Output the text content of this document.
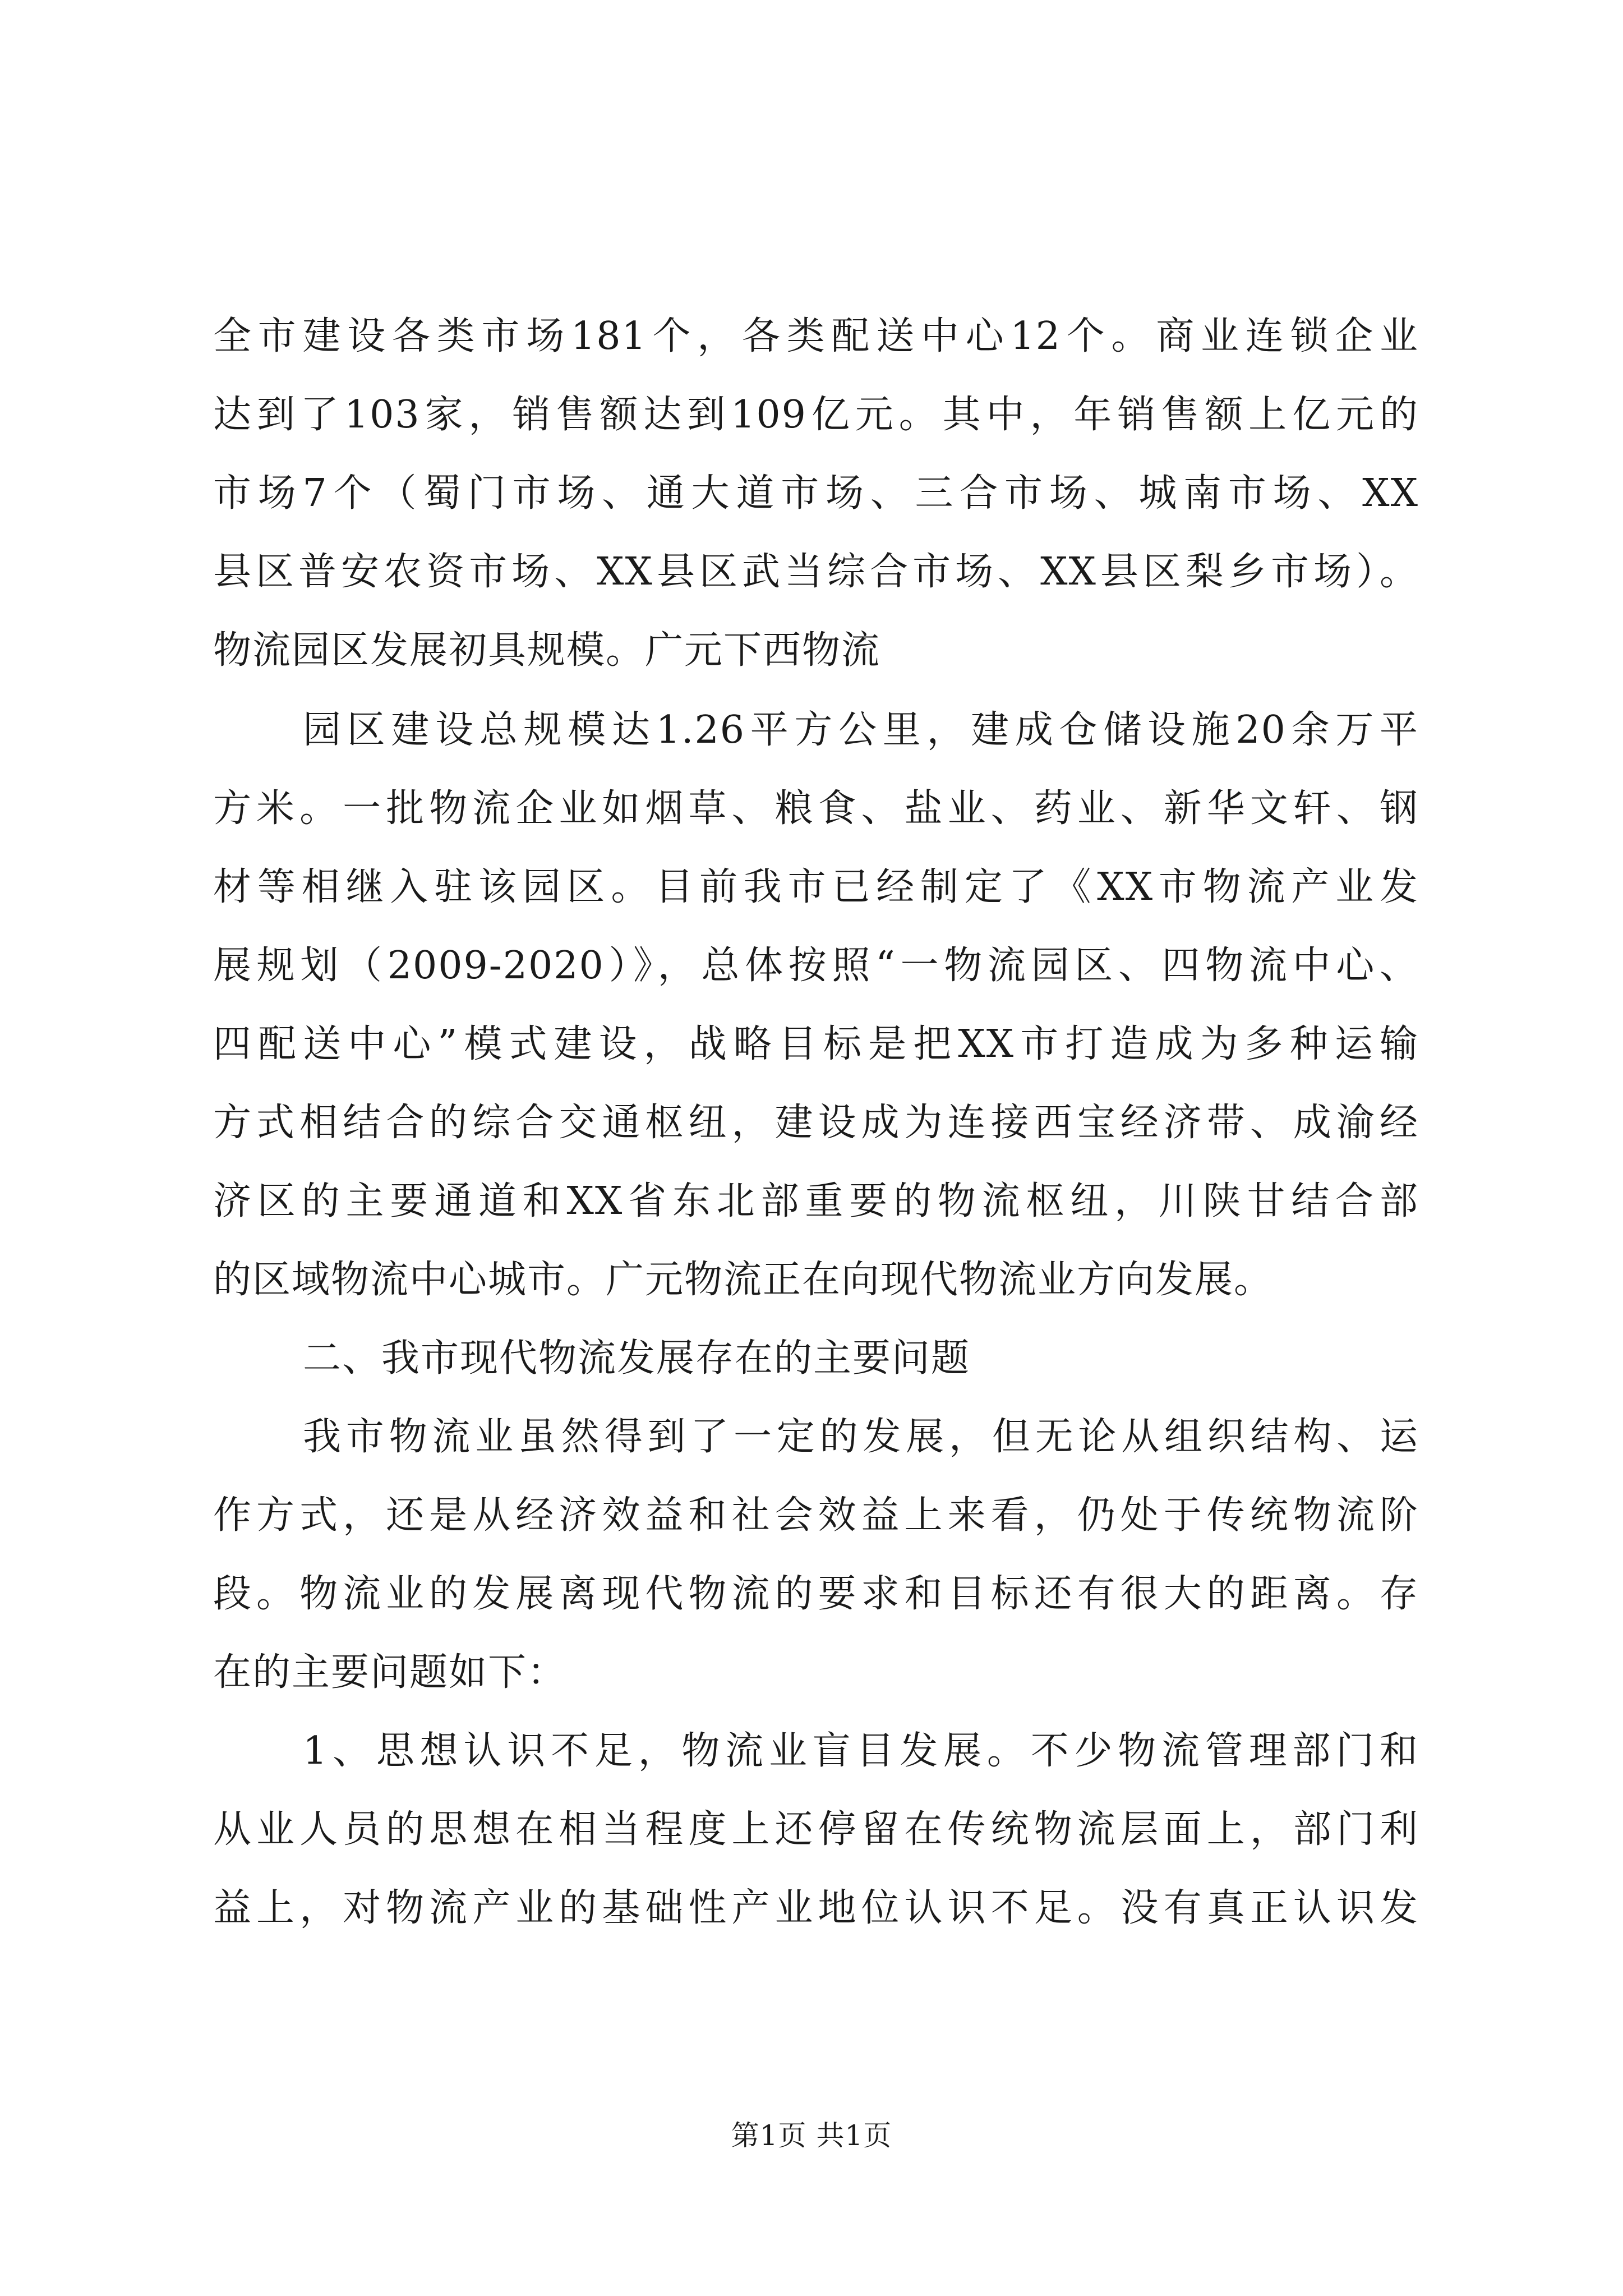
全市建设各类市场181个，各类配送中心12个。商业连锁企业
达到了103家，销售额达到109亿元。其中，年销售额上亿元的
市场7个（蜀门市场、通大道市场、三合市场、城南市场、XX
县区普安农资市场、XX县区武当综合市场、XX县区梨乡市场）。
物流园区发展初具规模。广元下西物流
园区建设总规模达1.26平方公里，建成仓储设施20余万平
方米。一批物流企业如烟草、粮食、盐业、药业、新华文轩、钢
材等相继入驻该园区。目前我市已经制定了《XX市物流产业发
展规划（2009-2020）》，总体按照“一物流园区、四物流中心、
四配送中心”模式建设，战略目标是把XX市打造成为多种运输
方式相结合的综合交通枢纽，建设成为连接西宝经济带、成渝经
济区的主要通道和XX省东北部重要的物流枢纽，川陕甘结合部
的区域物流中心城市。广元物流正在向现代物流业方向发展。
二、我市现代物流发展存在的主要问题
我市物流业虽然得到了一定的发展，但无论从组织结构、运
作方式，还是从经济效益和社会效益上来看，仍处于传统物流阶
段。物流业的发展离现代物流的要求和目标还有很大的距离。存
在的主要问题如下：
1、思想认识不足，物流业盲目发展。不少物流管理部门和
从业人员的思想在相当程度上还停留在传统物流层面上，部门利
益上，对物流产业的基础性产业地位认识不足。没有真正认识发
第1页 共1页
